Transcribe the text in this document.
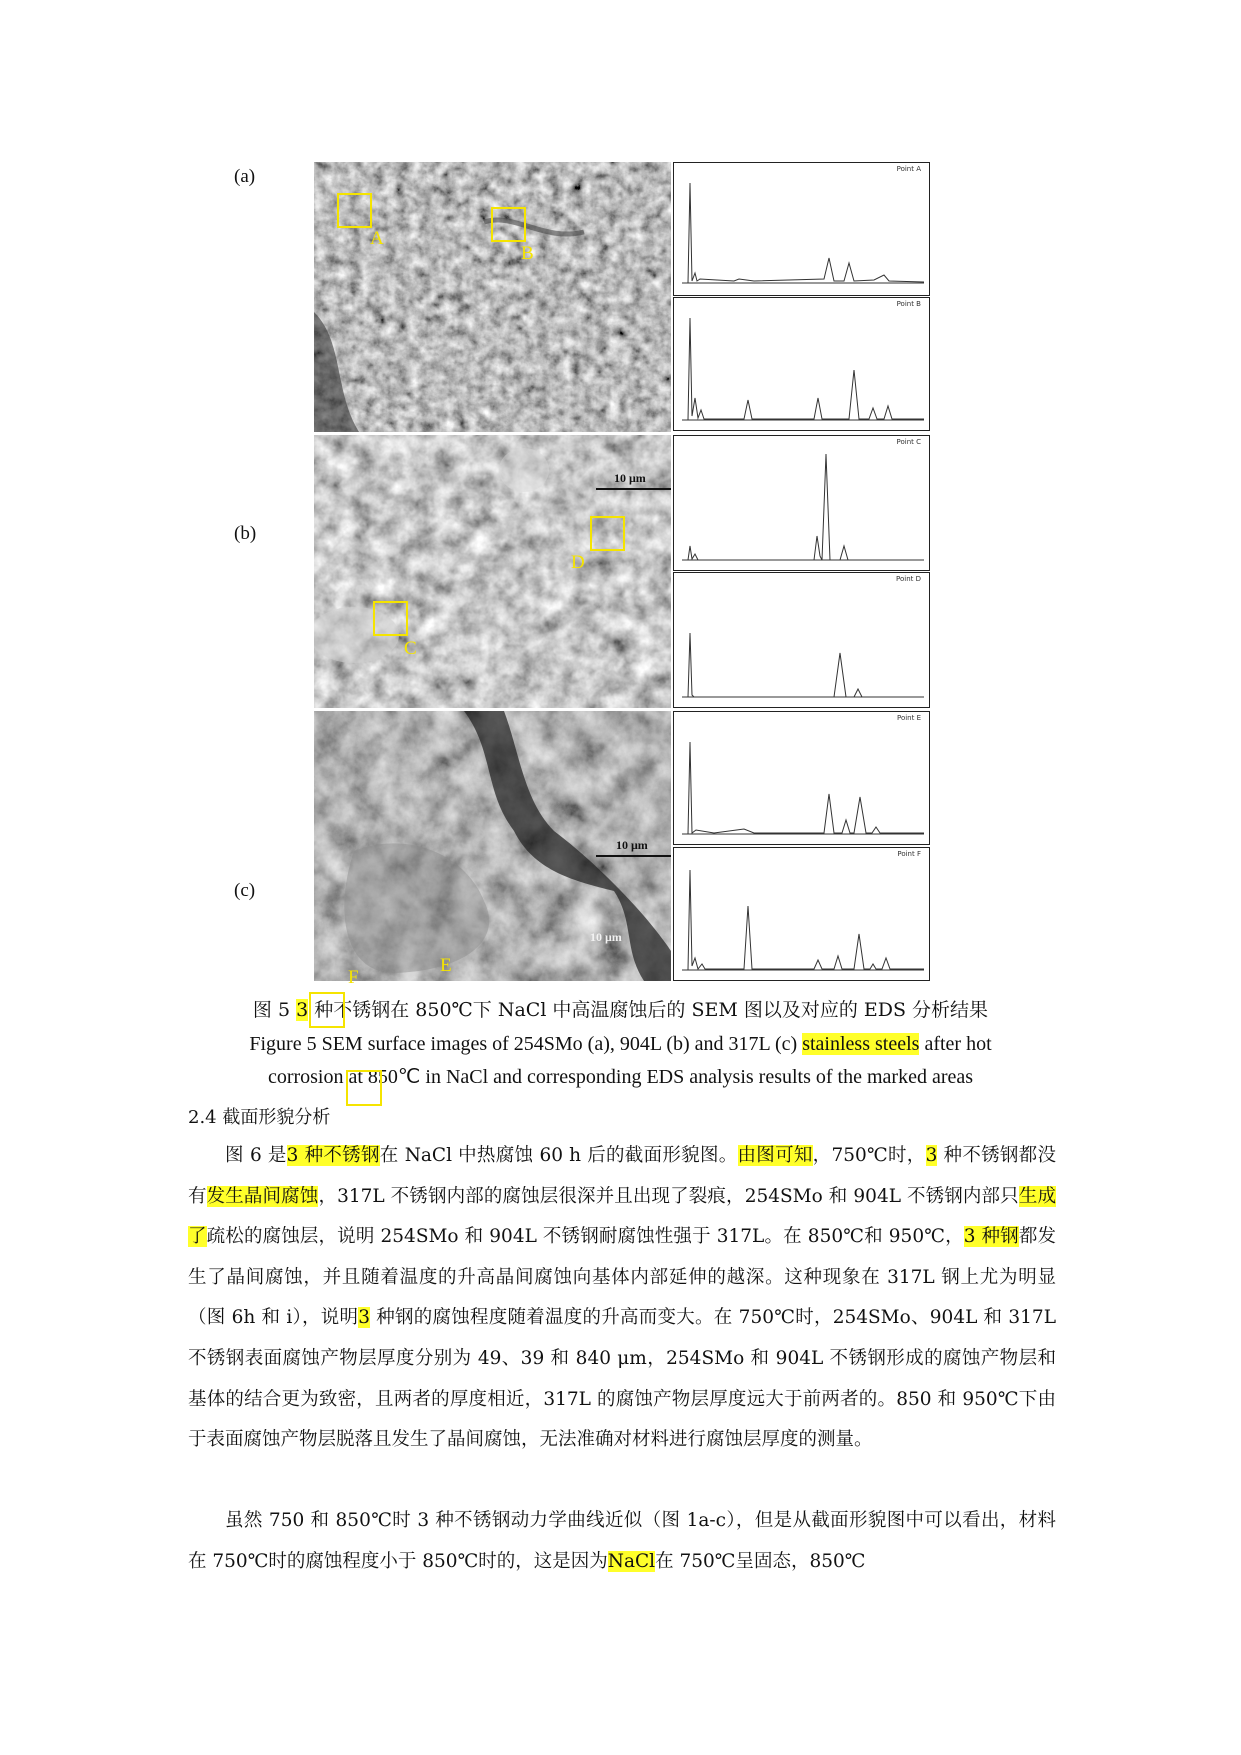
(a)
(b)
(c)
A
B
10 μm
D
C
10 μm
10 μm
E
F
Point A
Point B
Point C
Point D
Point E
Point F
图 5 3 种不锈钢在 850℃下 NaCl 中高温腐蚀后的 SEM 图以及对应的 EDS 分析结果
Figure 5 SEM surface images of 254SMo (a), 904L (b) and 317L (c) stainless steels after hot
corrosion at 850℃ in NaCl and corresponding EDS analysis results of the marked areas
2.4 截面形貌分析

图 6 是3 种不锈钢在 NaCl 中热腐蚀 60 h 后的截面形貌图。由图可知，750℃时，3 种不锈钢都没有发生晶间腐蚀，317L 不锈钢内部的腐蚀层很深并且出现了裂痕，254SMo 和 904L 不锈钢内部只生成了疏松的腐蚀层，说明 254SMo 和 904L 不锈钢耐腐蚀性强于 317L。在 850℃和 950℃，3 种钢都发生了晶间腐蚀，并且随着温度的升高晶间腐蚀向基体内部延伸的越深。这种现象在 317L 钢上尤为明显（图 6h 和 i），说明3 种钢的腐蚀程度随着温度的升高而变大。在 750℃时，254SMo、904L 和 317L 不锈钢表面腐蚀产物层厚度分别为 49、39 和 840 μm，254SMo 和 904L 不锈钢形成的腐蚀产物层和基体的结合更为致密，且两者的厚度相近，317L 的腐蚀产物层厚度远大于前两者的。850 和 950℃下由于表面腐蚀产物层脱落且发生了晶间腐蚀，无法准确对材料进行腐蚀层厚度的测量。

虽然 750 和 850℃时 3 种不锈钢动力学曲线近似（图 1a-c），但是从截面形貌图中可以看出，材料在 750℃时的腐蚀程度小于 850℃时的，这是因为NaCl在 750℃呈固态，850℃
